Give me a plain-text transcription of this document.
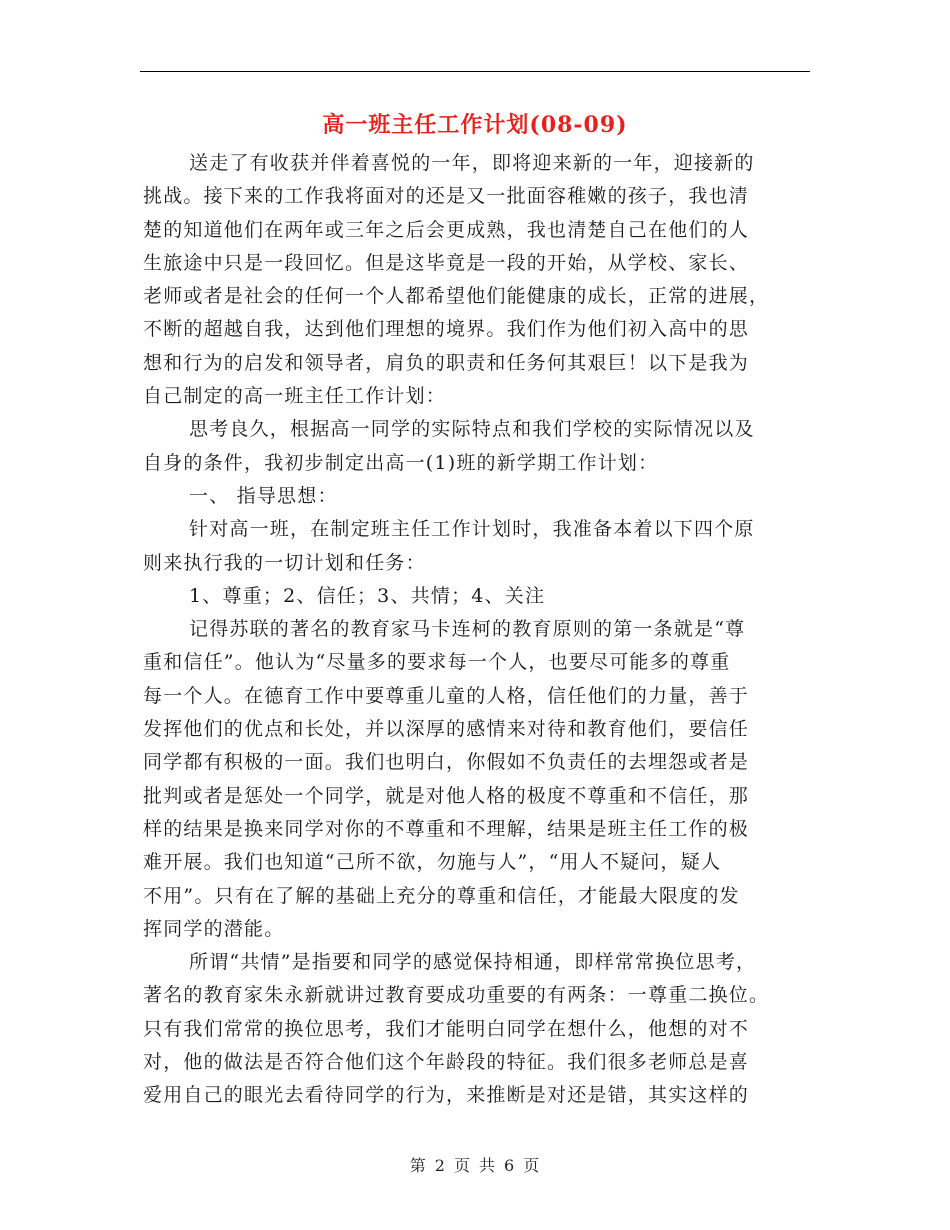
高一班主任工作计划(08-09)
送走了有收获并伴着喜悦的一年，即将迎来新的一年，迎接新的
挑战。接下来的工作我将面对的还是又一批面容稚嫩的孩子，我也清
楚的知道他们在两年或三年之后会更成熟，我也清楚自己在他们的人
生旅途中只是一段回忆。但是这毕竟是一段的开始，从学校、家长、
老师或者是社会的任何一个人都希望他们能健康的成长，正常的进展，
不断的超越自我，达到他们理想的境界。我们作为他们初入高中的思
想和行为的启发和领导者，肩负的职责和任务何其艰巨！以下是我为
自己制定的高一班主任工作计划：
思考良久，根据高一同学的实际特点和我们学校的实际情况以及
自身的条件，我初步制定出高一(1)班的新学期工作计划：
一、 指导思想：
针对高一班，在制定班主任工作计划时，我准备本着以下四个原
则来执行我的一切计划和任务：
1、尊重；2、信任；3、共情；4、关注
记得苏联的著名的教育家马卡连柯的教育原则的第一条就是“尊
重和信任”。他认为“尽量多的要求每一个人，也要尽可能多的尊重
每一个人。在德育工作中要尊重儿童的人格，信任他们的力量，善于
发挥他们的优点和长处，并以深厚的感情来对待和教育他们，要信任
同学都有积极的一面。我们也明白，你假如不负责任的去埋怨或者是
批判或者是惩处一个同学，就是对他人格的极度不尊重和不信任，那
样的结果是换来同学对你的不尊重和不理解，结果是班主任工作的极
难开展。我们也知道“己所不欲，勿施与人”，“用人不疑问，疑人
不用”。只有在了解的基础上充分的尊重和信任，才能最大限度的发
挥同学的潜能。
所谓“共情”是指要和同学的感觉保持相通，即样常常换位思考，
著名的教育家朱永新就讲过教育要成功重要的有两条：一尊重二换位。
只有我们常常的换位思考，我们才能明白同学在想什么，他想的对不
对，他的做法是否符合他们这个年龄段的特征。我们很多老师总是喜
爱用自己的眼光去看待同学的行为，来推断是对还是错，其实这样的
第 2 页 共 6 页
